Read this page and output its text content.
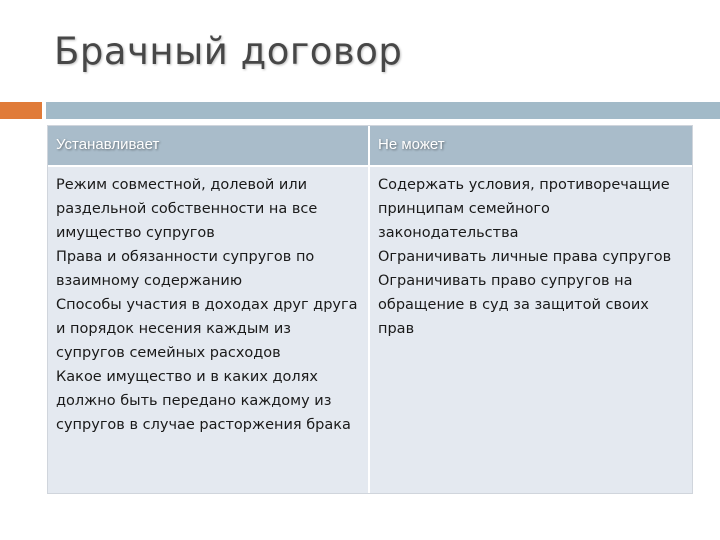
Брачный договор
Устанавливает	Не может

Режим совместной, долевой или раздельной собственности на все имущество супругов

Права и обязанности супругов по взаимному содержанию

Способы участия в доходах друг друга и порядок несения каждым из супругов семейных расходов

Какое имущество и в каких долях должно быть передано каждому из супругов в случае расторжения брака

Содержать условия, противоречащие принципам семейного законодательства

Ограничивать личные права супругов

Ограничивать право супругов на обращение в суд за защитой своих прав
